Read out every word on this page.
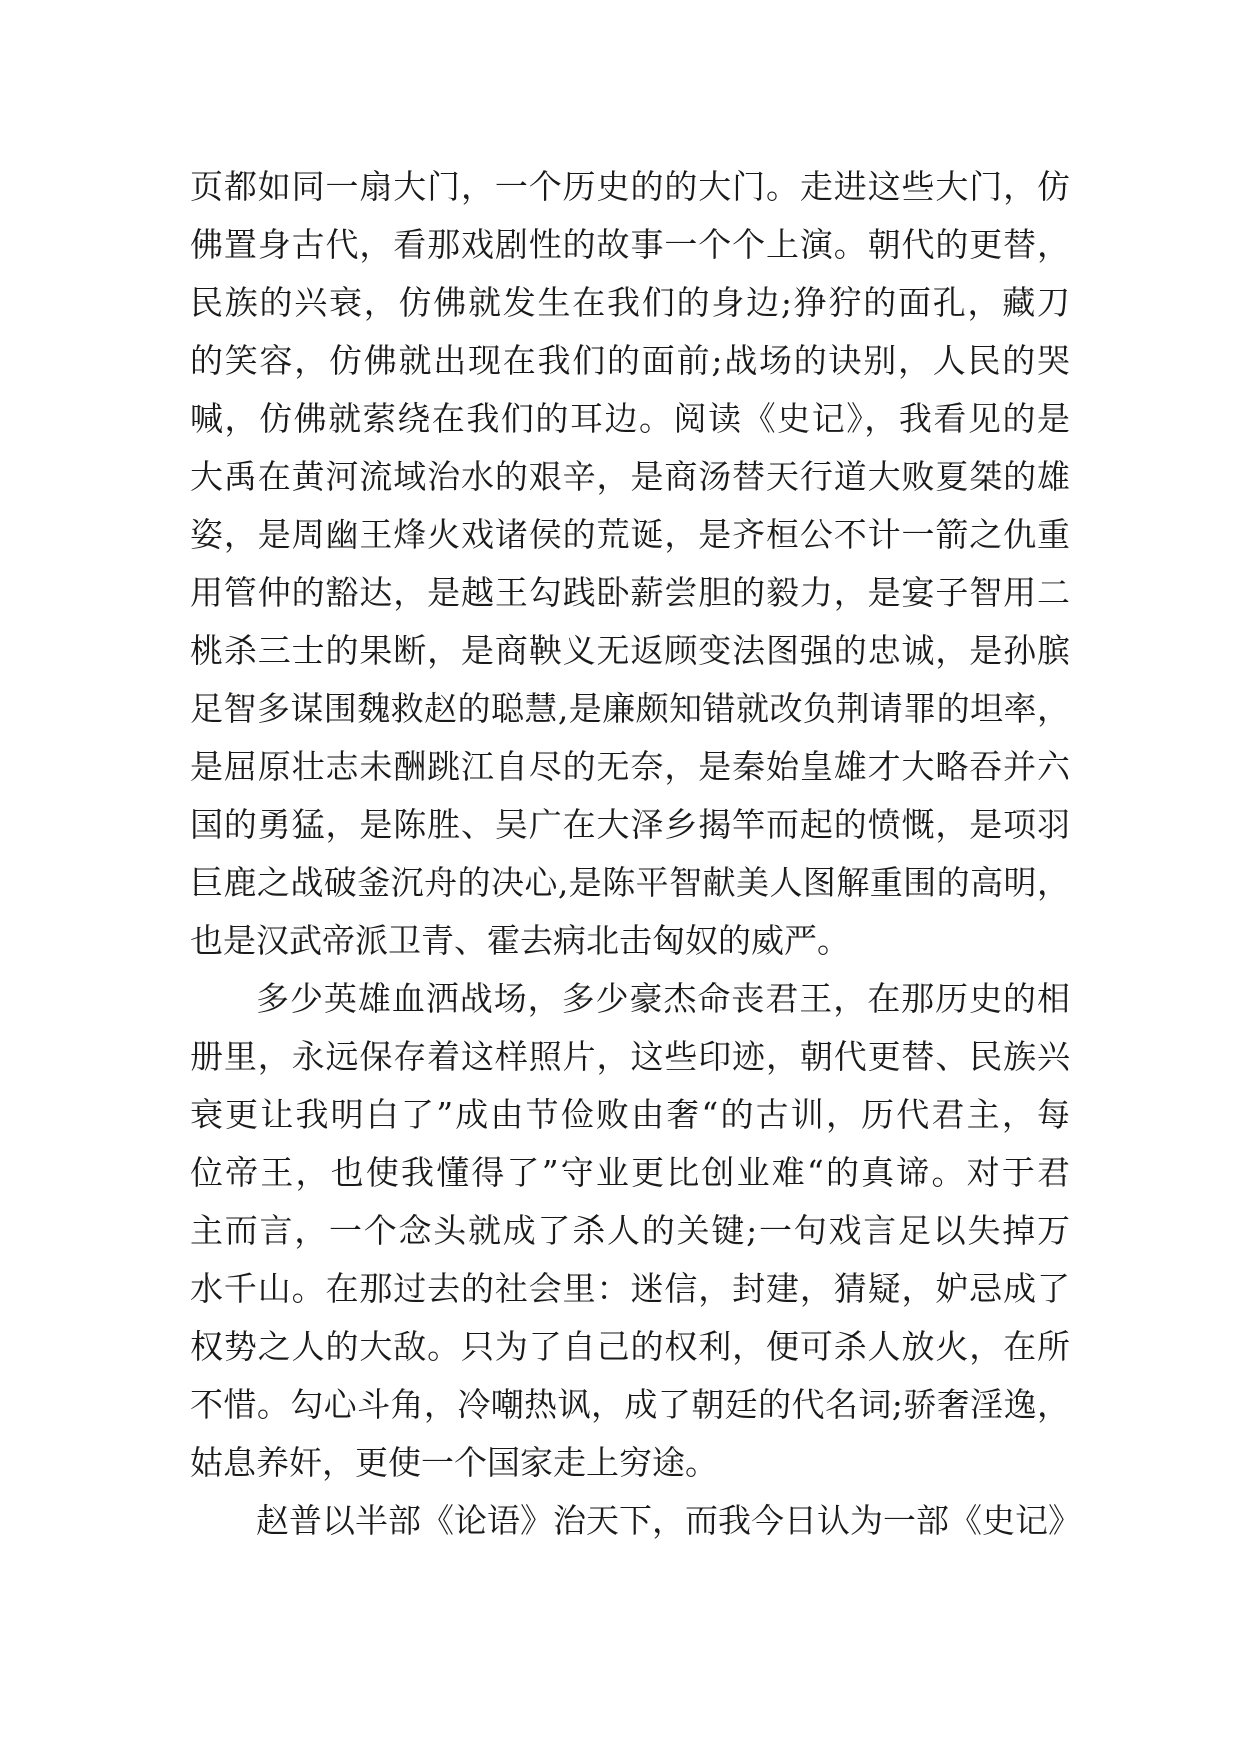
页都如同一扇大门，一个历史的的大门。走进这些大门，仿
佛置身古代，看那戏剧性的故事一个个上演。朝代的更替，
民族的兴衰，仿佛就发生在我们的身边;狰狞的面孔，藏刀
的笑容，仿佛就出现在我们的面前;战场的诀别，人民的哭
喊，仿佛就萦绕在我们的耳边。阅读《史记》，我看见的是
大禹在黄河流域治水的艰辛，是商汤替天行道大败夏桀的雄
姿，是周幽王烽火戏诸侯的荒诞，是齐桓公不计一箭之仇重
用管仲的豁达，是越王勾践卧薪尝胆的毅力，是宴子智用二
桃杀三士的果断，是商鞅义无返顾变法图强的忠诚，是孙膑
足智多谋围魏救赵的聪慧,是廉颇知错就改负荆请罪的坦率，
是屈原壮志未酬跳江自尽的无奈，是秦始皇雄才大略吞并六
国的勇猛，是陈胜、吴广在大泽乡揭竿而起的愤慨，是项羽
巨鹿之战破釜沉舟的决心,是陈平智献美人图解重围的高明，
也是汉武帝派卫青、霍去病北击匈奴的威严。
多少英雄血洒战场，多少豪杰命丧君王，在那历史的相
册里，永远保存着这样照片，这些印迹，朝代更替、民族兴
衰更让我明白了”成由节俭败由奢“的古训，历代君主，每
位帝王，也使我懂得了”守业更比创业难“的真谛。对于君
主而言，一个念头就成了杀人的关键;一句戏言足以失掉万
水千山。在那过去的社会里：迷信，封建，猜疑，妒忌成了
权势之人的大敌。只为了自己的权利，便可杀人放火，在所
不惜。勾心斗角，冷嘲热讽，成了朝廷的代名词;骄奢淫逸，
姑息养奸，更使一个国家走上穷途。
赵普以半部《论语》治天下，而我今日认为一部《史记》
